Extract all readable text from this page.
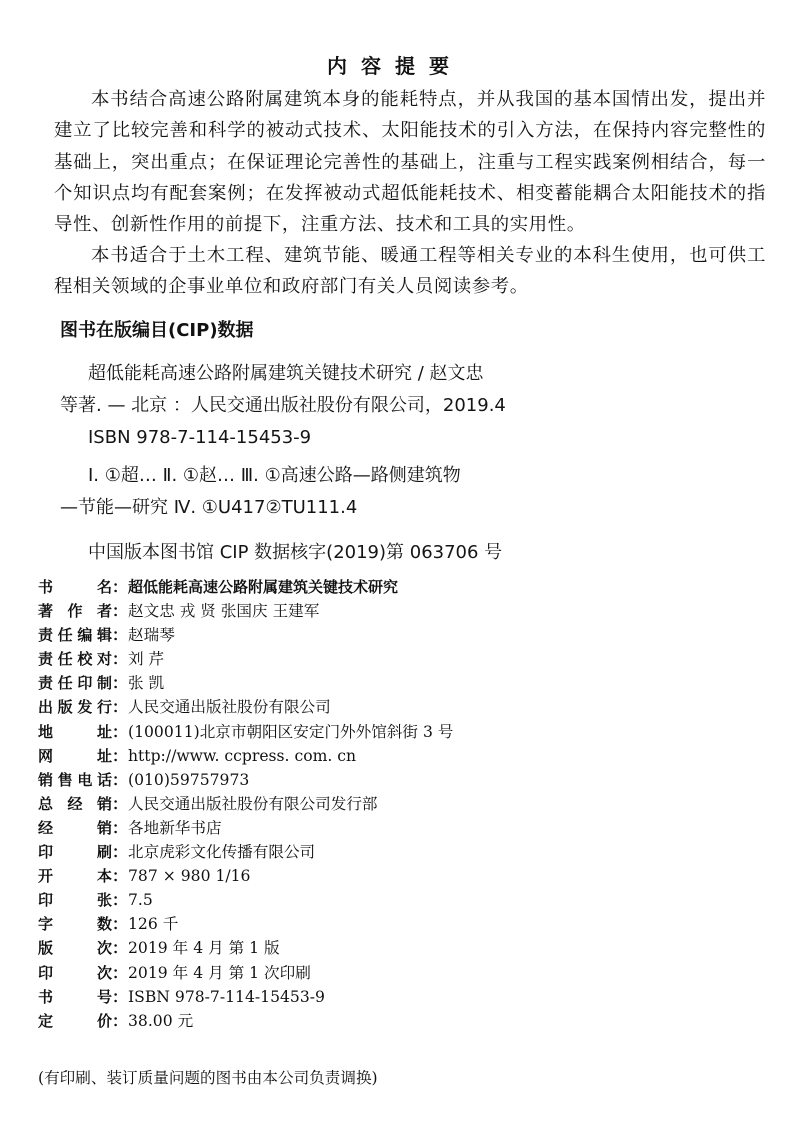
内容提要

本书结合高速公路附属建筑本身的能耗特点，并从我国的基本国情出发，提出并建立了比较完善和科学的被动式技术、太阳能技术的引入方法，在保持内容完整性的基础上，突出重点；在保证理论完善性的基础上，注重与工程实践案例相结合，每一个知识点均有配套案例；在发挥被动式超低能耗技术、相变蓄能耦合太阳能技术的指导性、创新性作用的前提下，注重方法、技术和工具的实用性。

本书适合于土木工程、建筑节能、暖通工程等相关专业的本科生使用，也可供工程相关领域的企事业单位和政府部门有关人员阅读参考。

图书在版编目(CIP)数据
超低能耗高速公路附属建筑关键技术研究 / 赵文忠
等著. — 北京 ：人民交通出版社股份有限公司，2019.4
ISBN 978-7-114-15453-9
Ⅰ. ①超… Ⅱ. ①赵… Ⅲ. ①高速公路—路侧建筑物
—节能—研究 Ⅳ. ①U417②TU111.4
中国版本图书馆 CIP 数据核字(2019)第 063706 号
书名 ： 超低能耗高速公路附属建筑关键技术研究
著作者 ： 赵文忠 戎 贤 张国庆 王建军
责任编辑 ： 赵瑞琴
责任校对 ： 刘 芹
责任印制 ： 张 凯
出版发行 ： 人民交通出版社股份有限公司
地址 ： (100011)北京市朝阳区安定门外外馆斜街 3 号
网址 ： http://www. ccpress. com. cn
销售电话 ： (010)59757973
总经销 ： 人民交通出版社股份有限公司发行部
经销 ： 各地新华书店
印刷 ： 北京虎彩文化传播有限公司
开本 ： 787 × 980 1/16
印张 ： 7.5
字数 ： 126 千
版次 ： 2019 年 4 月 第 1 版
印次 ： 2019 年 4 月 第 1 次印刷
书号 ： ISBN 978-7-114-15453-9
定价 ： 38.00 元
(有印刷、装订质量问题的图书由本公司负责调换)
